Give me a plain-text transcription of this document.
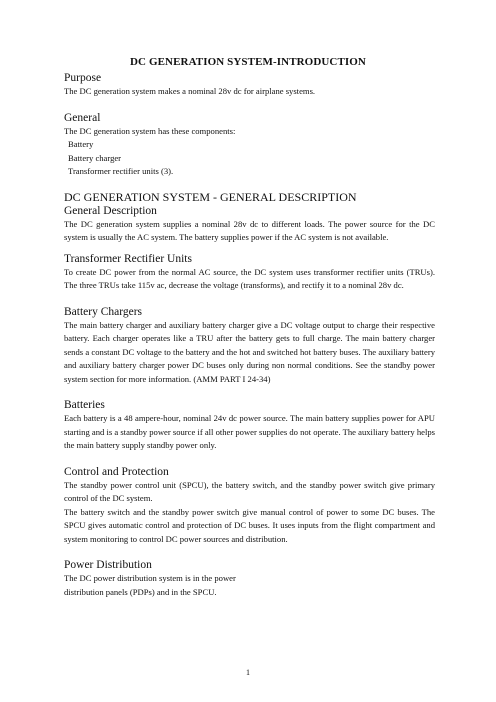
DC GENERATION SYSTEM-INTRODUCTION
Purpose
The DC generation system makes a nominal 28v dc for airplane systems.
General
The DC generation system has these components:
Battery
Battery charger
Transformer rectifier units (3).
DC GENERATION SYSTEM - GENERAL DESCRIPTION
General Description
The DC generation system supplies a nominal 28v dc to different loads. The power source for the DC system is usually the AC system. The battery supplies power if the AC system is not available.
Transformer Rectifier Units
To create DC power from the normal AC source, the DC system uses transformer rectifier units (TRUs). The three TRUs take 115v ac, decrease the voltage (transforms), and rectify it to a nominal 28v dc.
Battery Chargers
The main battery charger and auxiliary battery charger give a DC voltage output to charge their respective battery. Each charger operates like a TRU after the battery gets to full charge. The main battery charger sends a constant DC voltage to the battery and the hot and switched hot battery buses. The auxiliary battery and auxiliary battery charger power DC buses only during non normal conditions. See the standby power system section for more information. (AMM PART I 24-34)
Batteries
Each battery is a 48 ampere-hour, nominal 24v dc power source. The main battery supplies power for APU starting and is a standby power source if all other power supplies do not operate. The auxiliary battery helps the main battery supply standby power only.
Control and Protection
The standby power control unit (SPCU), the battery switch, and the standby power switch give primary control of the DC system.
The battery switch and the standby power switch give manual control of power to some DC buses. The SPCU gives automatic control and protection of DC buses. It uses inputs from the flight compartment and system monitoring to control DC power sources and distribution.
Power Distribution
The DC power distribution system is in the power
distribution panels (PDPs) and in the SPCU.
1
